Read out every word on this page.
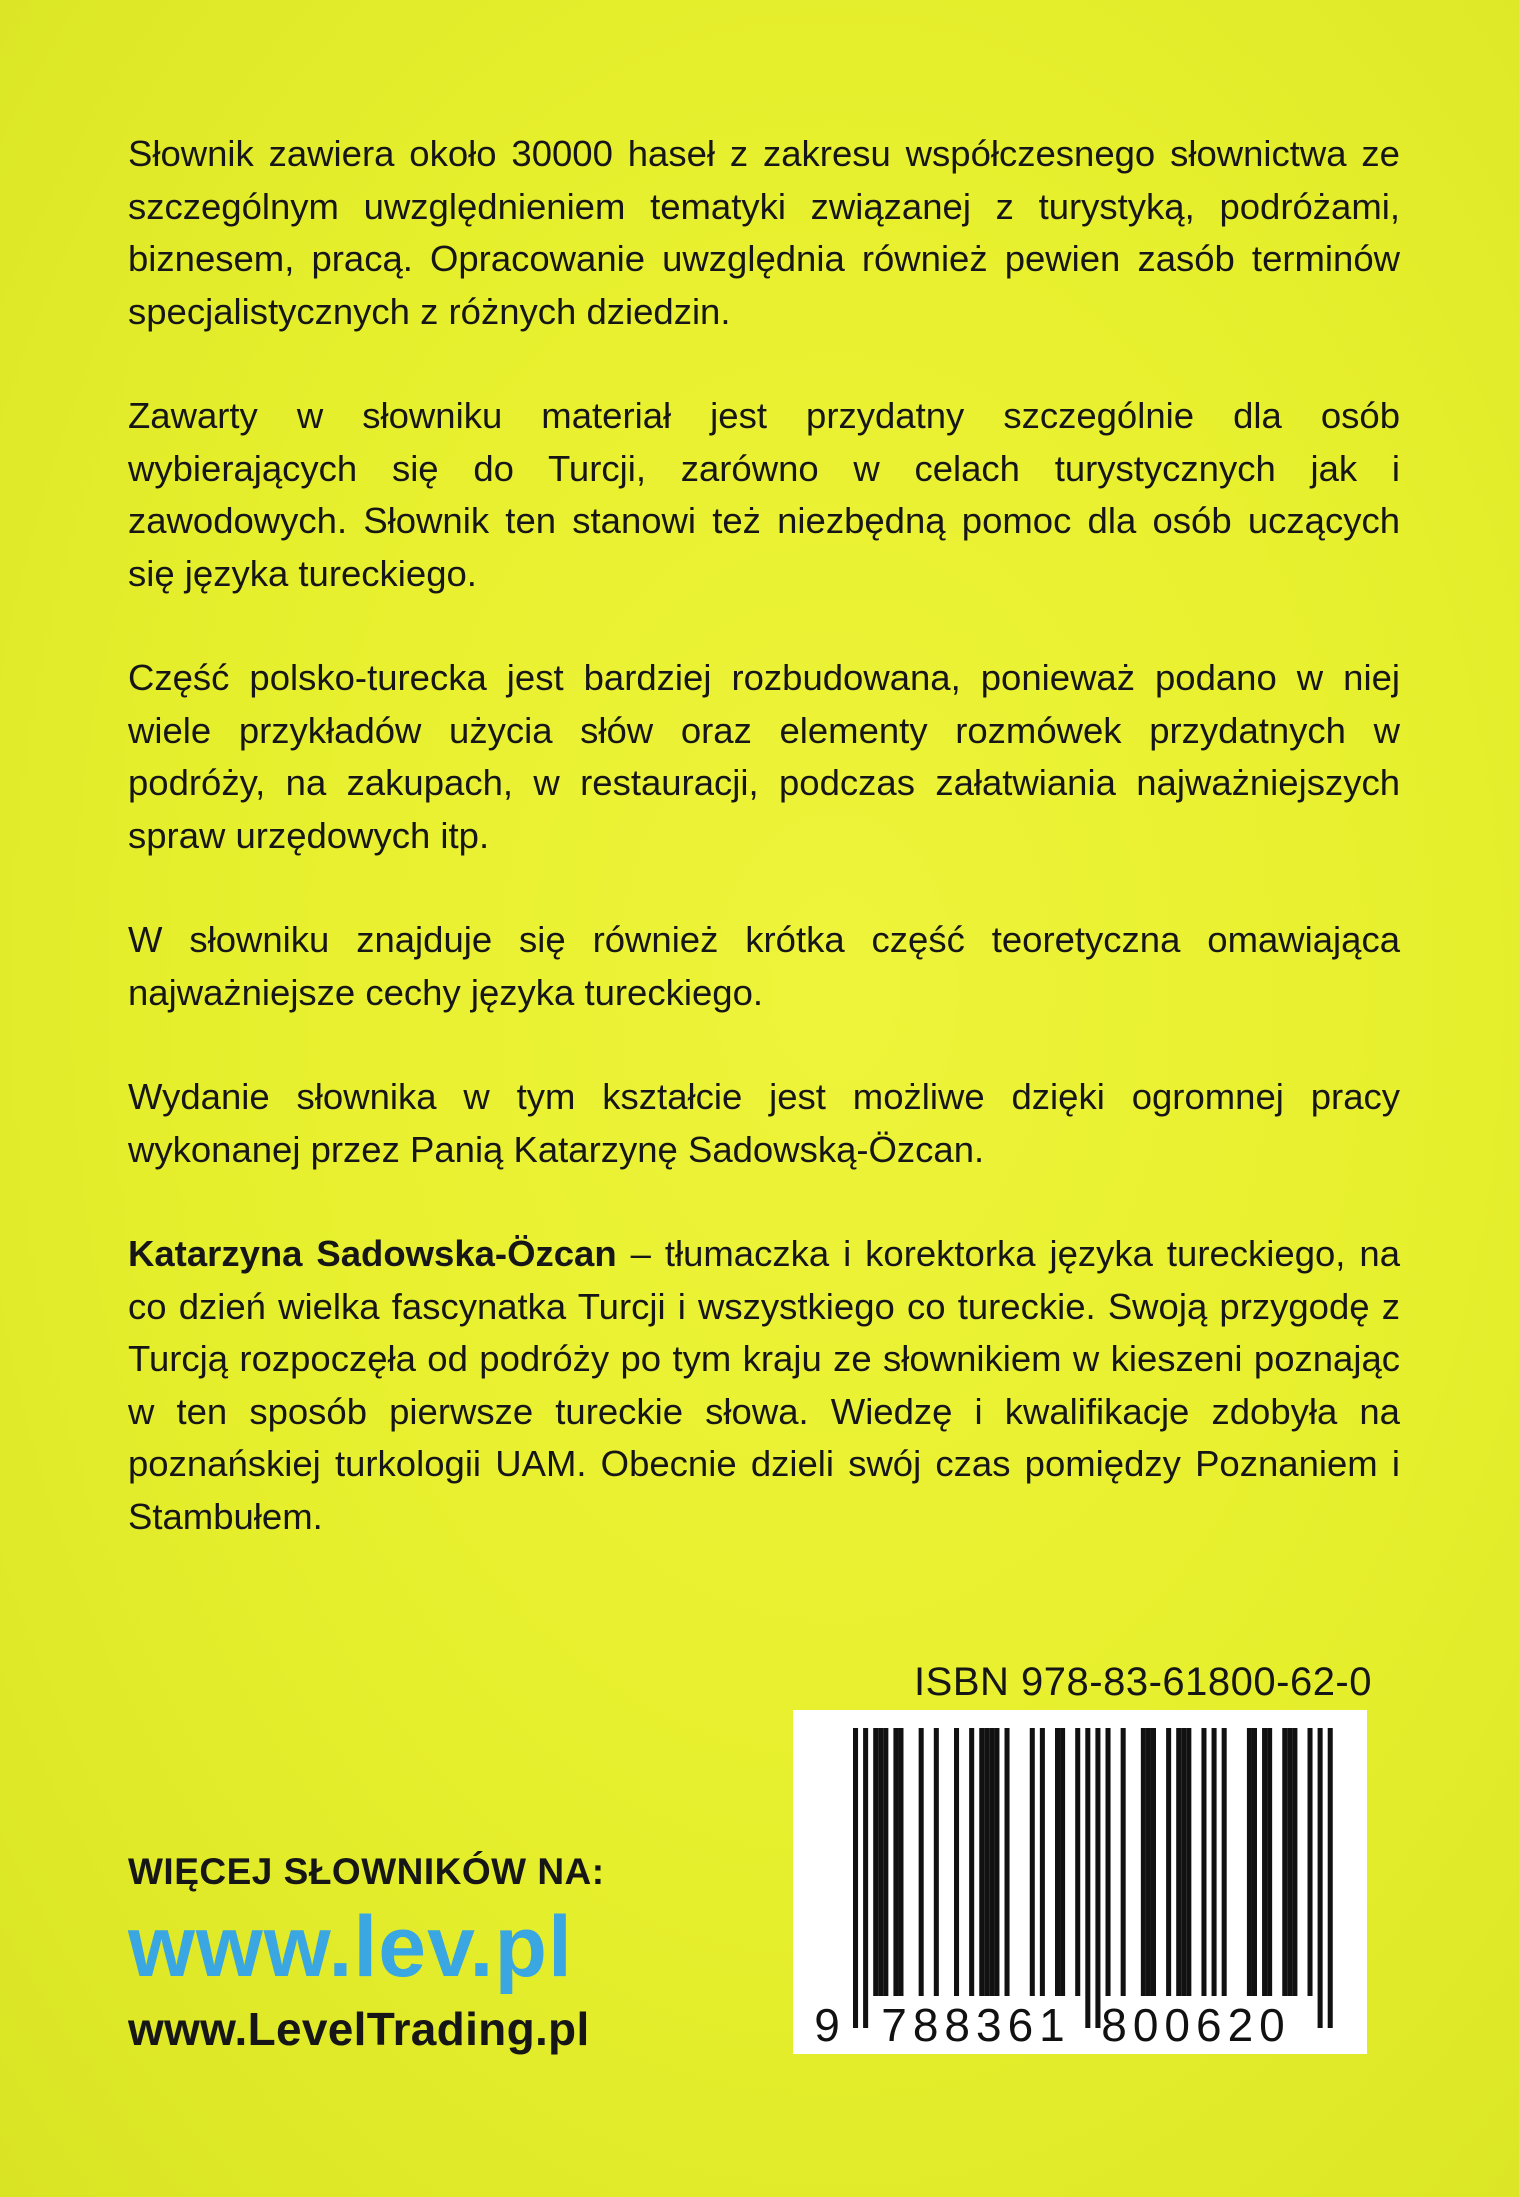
Słownik zawiera około 30000 haseł z zakresu współczesnego słownictwa ze szczególnym uwzględnieniem tematyki związanej z turystyką, podróżami, biznesem, pracą. Opracowanie uwzględnia również pewien zasób terminów specjalistycznych z różnych dziedzin.

Zawarty w słowniku materiał jest przydatny szczególnie dla osób wybierających się do Turcji, zarówno w celach turystycznych jak i zawodowych. Słownik ten stanowi też niezbędną pomoc dla osób uczących się języka tureckiego.

Część polsko-turecka jest bardziej rozbudowana, ponieważ podano w niej wiele przykładów użycia słów oraz elementy rozmówek przydatnych w podróży, na zakupach, w restauracji, podczas załatwiania najważniejszych spraw urzędowych itp.

W słowniku znajduje się również krótka część teoretyczna omawiająca najważniejsze cechy języka tureckiego.

Wydanie słownika w tym kształcie jest możliwe dzięki ogromnej pracy wykonanej przez Panią Katarzynę Sadowską-Özcan.

Katarzyna Sadowska-Özcan – tłumaczka i korektorka języka tureckiego, na co dzień wielka fascynatka Turcji i wszystkiego co tureckie. Swoją przygodę z Turcją rozpoczęła od podróży po tym kraju ze słownikiem w kieszeni poznając w ten sposób pierwsze tureckie słowa. Wiedzę i kwalifikacje zdobyła na poznańskiej turkologii UAM. Obecnie dzieli swój czas pomiędzy Poznaniem i Stambułem.

ISBN 978-83-61800-62-0
9 788361 800620
WIĘCEJ SŁOWNIKÓW NA:
www.lev.pl
www.LevelTrading.pl
